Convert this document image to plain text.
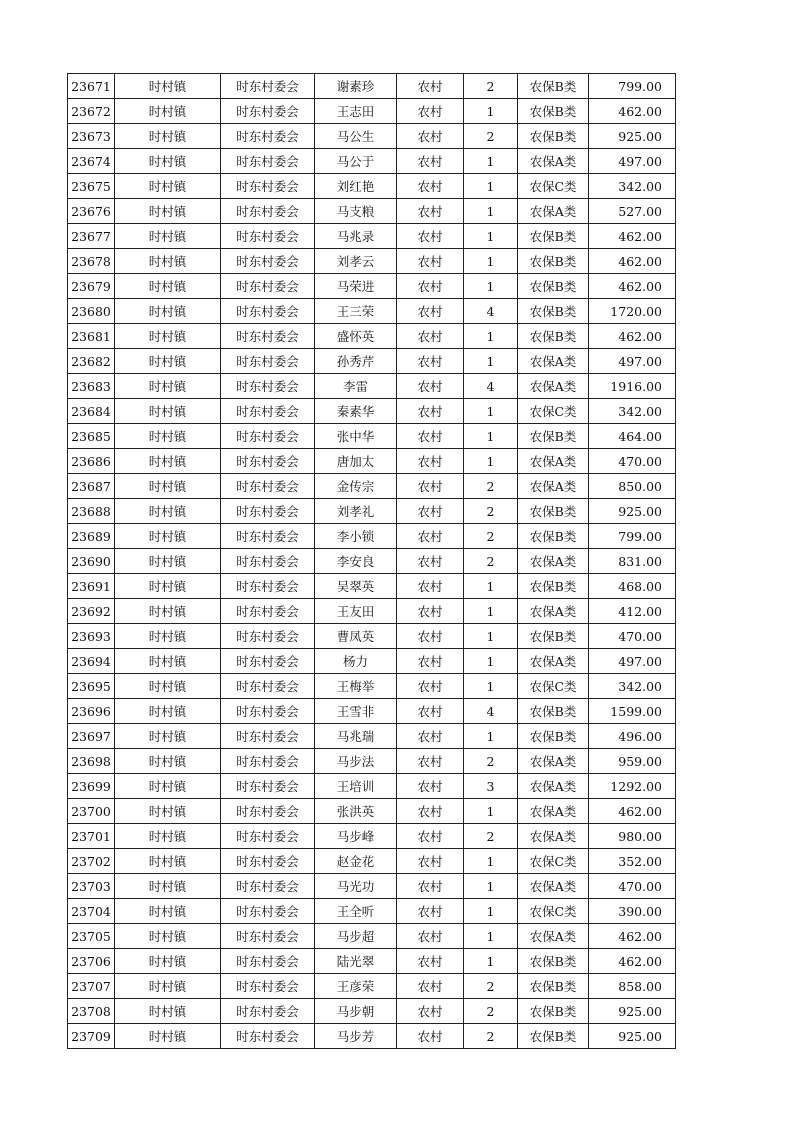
23671	时村镇	时东村委会	谢素珍	农村	2	农保B类	799.00
23672	时村镇	时东村委会	王志田	农村	1	农保B类	462.00
23673	时村镇	时东村委会	马公生	农村	2	农保B类	925.00
23674	时村镇	时东村委会	马公于	农村	1	农保A类	497.00
23675	时村镇	时东村委会	刘红艳	农村	1	农保C类	342.00
23676	时村镇	时东村委会	马支粮	农村	1	农保A类	527.00
23677	时村镇	时东村委会	马兆录	农村	1	农保B类	462.00
23678	时村镇	时东村委会	刘孝云	农村	1	农保B类	462.00
23679	时村镇	时东村委会	马荣进	农村	1	农保B类	462.00
23680	时村镇	时东村委会	王三荣	农村	4	农保B类	1720.00
23681	时村镇	时东村委会	盛怀英	农村	1	农保B类	462.00
23682	时村镇	时东村委会	孙秀芹	农村	1	农保A类	497.00
23683	时村镇	时东村委会	李雷	农村	4	农保A类	1916.00
23684	时村镇	时东村委会	秦素华	农村	1	农保C类	342.00
23685	时村镇	时东村委会	张中华	农村	1	农保B类	464.00
23686	时村镇	时东村委会	唐加太	农村	1	农保A类	470.00
23687	时村镇	时东村委会	金传宗	农村	2	农保A类	850.00
23688	时村镇	时东村委会	刘孝礼	农村	2	农保B类	925.00
23689	时村镇	时东村委会	李小锁	农村	2	农保B类	799.00
23690	时村镇	时东村委会	李安良	农村	2	农保A类	831.00
23691	时村镇	时东村委会	吴翠英	农村	1	农保B类	468.00
23692	时村镇	时东村委会	王友田	农村	1	农保A类	412.00
23693	时村镇	时东村委会	曹凤英	农村	1	农保B类	470.00
23694	时村镇	时东村委会	杨力	农村	1	农保A类	497.00
23695	时村镇	时东村委会	王梅举	农村	1	农保C类	342.00
23696	时村镇	时东村委会	王雪非	农村	4	农保B类	1599.00
23697	时村镇	时东村委会	马兆瑞	农村	1	农保B类	496.00
23698	时村镇	时东村委会	马步法	农村	2	农保A类	959.00
23699	时村镇	时东村委会	王培训	农村	3	农保A类	1292.00
23700	时村镇	时东村委会	张洪英	农村	1	农保A类	462.00
23701	时村镇	时东村委会	马步峰	农村	2	农保A类	980.00
23702	时村镇	时东村委会	赵金花	农村	1	农保C类	352.00
23703	时村镇	时东村委会	马光功	农村	1	农保A类	470.00
23704	时村镇	时东村委会	王全听	农村	1	农保C类	390.00
23705	时村镇	时东村委会	马步超	农村	1	农保A类	462.00
23706	时村镇	时东村委会	陆光翠	农村	1	农保B类	462.00
23707	时村镇	时东村委会	王彦荣	农村	2	农保B类	858.00
23708	时村镇	时东村委会	马步朝	农村	2	农保B类	925.00
23709	时村镇	时东村委会	马步芳	农村	2	农保B类	925.00
